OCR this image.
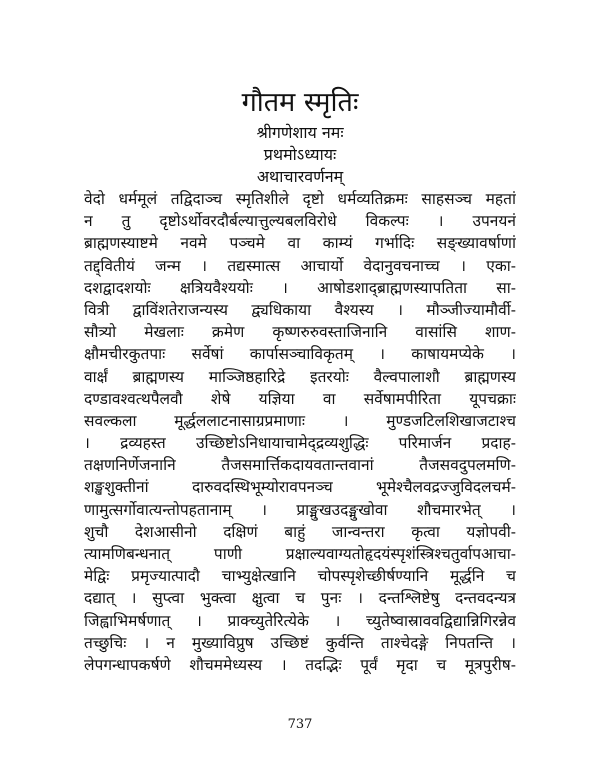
गौतम स्मृतिः
श्रीगणेशाय नमः
प्रथमोऽध्यायः
अथाचारवर्णनम्
वेदो धर्ममूलं तद्विदाञ्च स्मृतिशीले दृष्टो धर्मव्यतिक्रमः साहसञ्च महतां
न तु दृष्टोऽर्थोवरदौर्बल्यात्तुल्यबलविरोधे विकल्पः । उपनयनं
ब्राह्मणस्याष्टमे नवमे पञ्चमे वा काम्यं गर्भादिः सङ्ख्यावर्षाणां
तद्द्वितीयं जन्म । तद्यस्मात्स आचार्यो वेदानुवचनाच्च । एका-
दशद्वादशयोः क्षत्रियवैश्ययोः । आषोडशाद्ब्राह्मणस्यापतिता सा-
वित्री द्वाविंशतेराजन्यस्य द्व्यधिकाया वैश्यस्य । मौञ्जीज्यामौर्वी-
सौत्र्यो मेखलाः क्रमेण कृष्णरुरुवस्ताजिनानि वासांसि शाण-
क्षौमचीरकुतपाः सर्वेषां कार्पासञ्चाविकृतम् । काषायमप्येके ।
वार्क्षं ब्राह्मणस्य माञ्जिष्ठहारिद्रे इतरयोः वैल्वपालाशौ ब्राह्मणस्य
दण्डावश्वत्थपैलवौ शेषे यज्ञिया वा सर्वेषामपीरिता यूपचक्राः
सवल्कला मूर्द्धललाटनासाग्रप्रमाणाः । मुण्डजटिलशिखाजटाश्च
। द्रव्यहस्त उच्छिष्टोऽनिधायाचामेद्द्रव्यशुद्धिः परिमार्जन प्रदाह-
तक्षणनिर्णेजनानि तैजसमार्त्तिकदायवतान्तवानां तैजसवदुपलमणि-
शङ्खशुक्तीनां दारुवदस्थिभूम्योरावपनञ्च भूमेश्चैलवद्रज्जुविदलचर्म-
णामुत्सर्गोवात्यन्तोपहतानाम् । प्राङ्मुखउदङ्मुखोवा शौचमारभेत् ।
शुचौ देशआसीनो दक्षिणं बाहुं जान्वन्तरा कृत्वा यज्ञोपवी-
त्यामणिबन्धनात् पाणी प्रक्षाल्यवाग्यतोहृदयंस्पृशंस्त्रिश्चतुर्वापआचा-
मेद्विः प्रमृज्यात्पादौ चाभ्युक्षेत्खानि चोपस्पृशेच्छीर्षण्यानि मूर्द्धनि च
दद्यात् । सुप्त्वा भुक्त्वा क्षुत्वा च पुनः । दन्तश्लिष्टेषु दन्तवदन्यत्र
जिह्वाभिमर्षणात् । प्राक्च्युतेरित्येके । च्युतेष्वास्राववद्विद्यान्निगिरन्नेव
तच्छुचिः । न मुख्याविप्रुष उच्छिष्टं कुर्वन्ति ताश्चेदङ्गे निपतन्ति ।
लेपगन्धापकर्षणे शौचममेध्यस्य । तदद्भिः पूर्वं मृदा च मूत्रपुरीष-
737
